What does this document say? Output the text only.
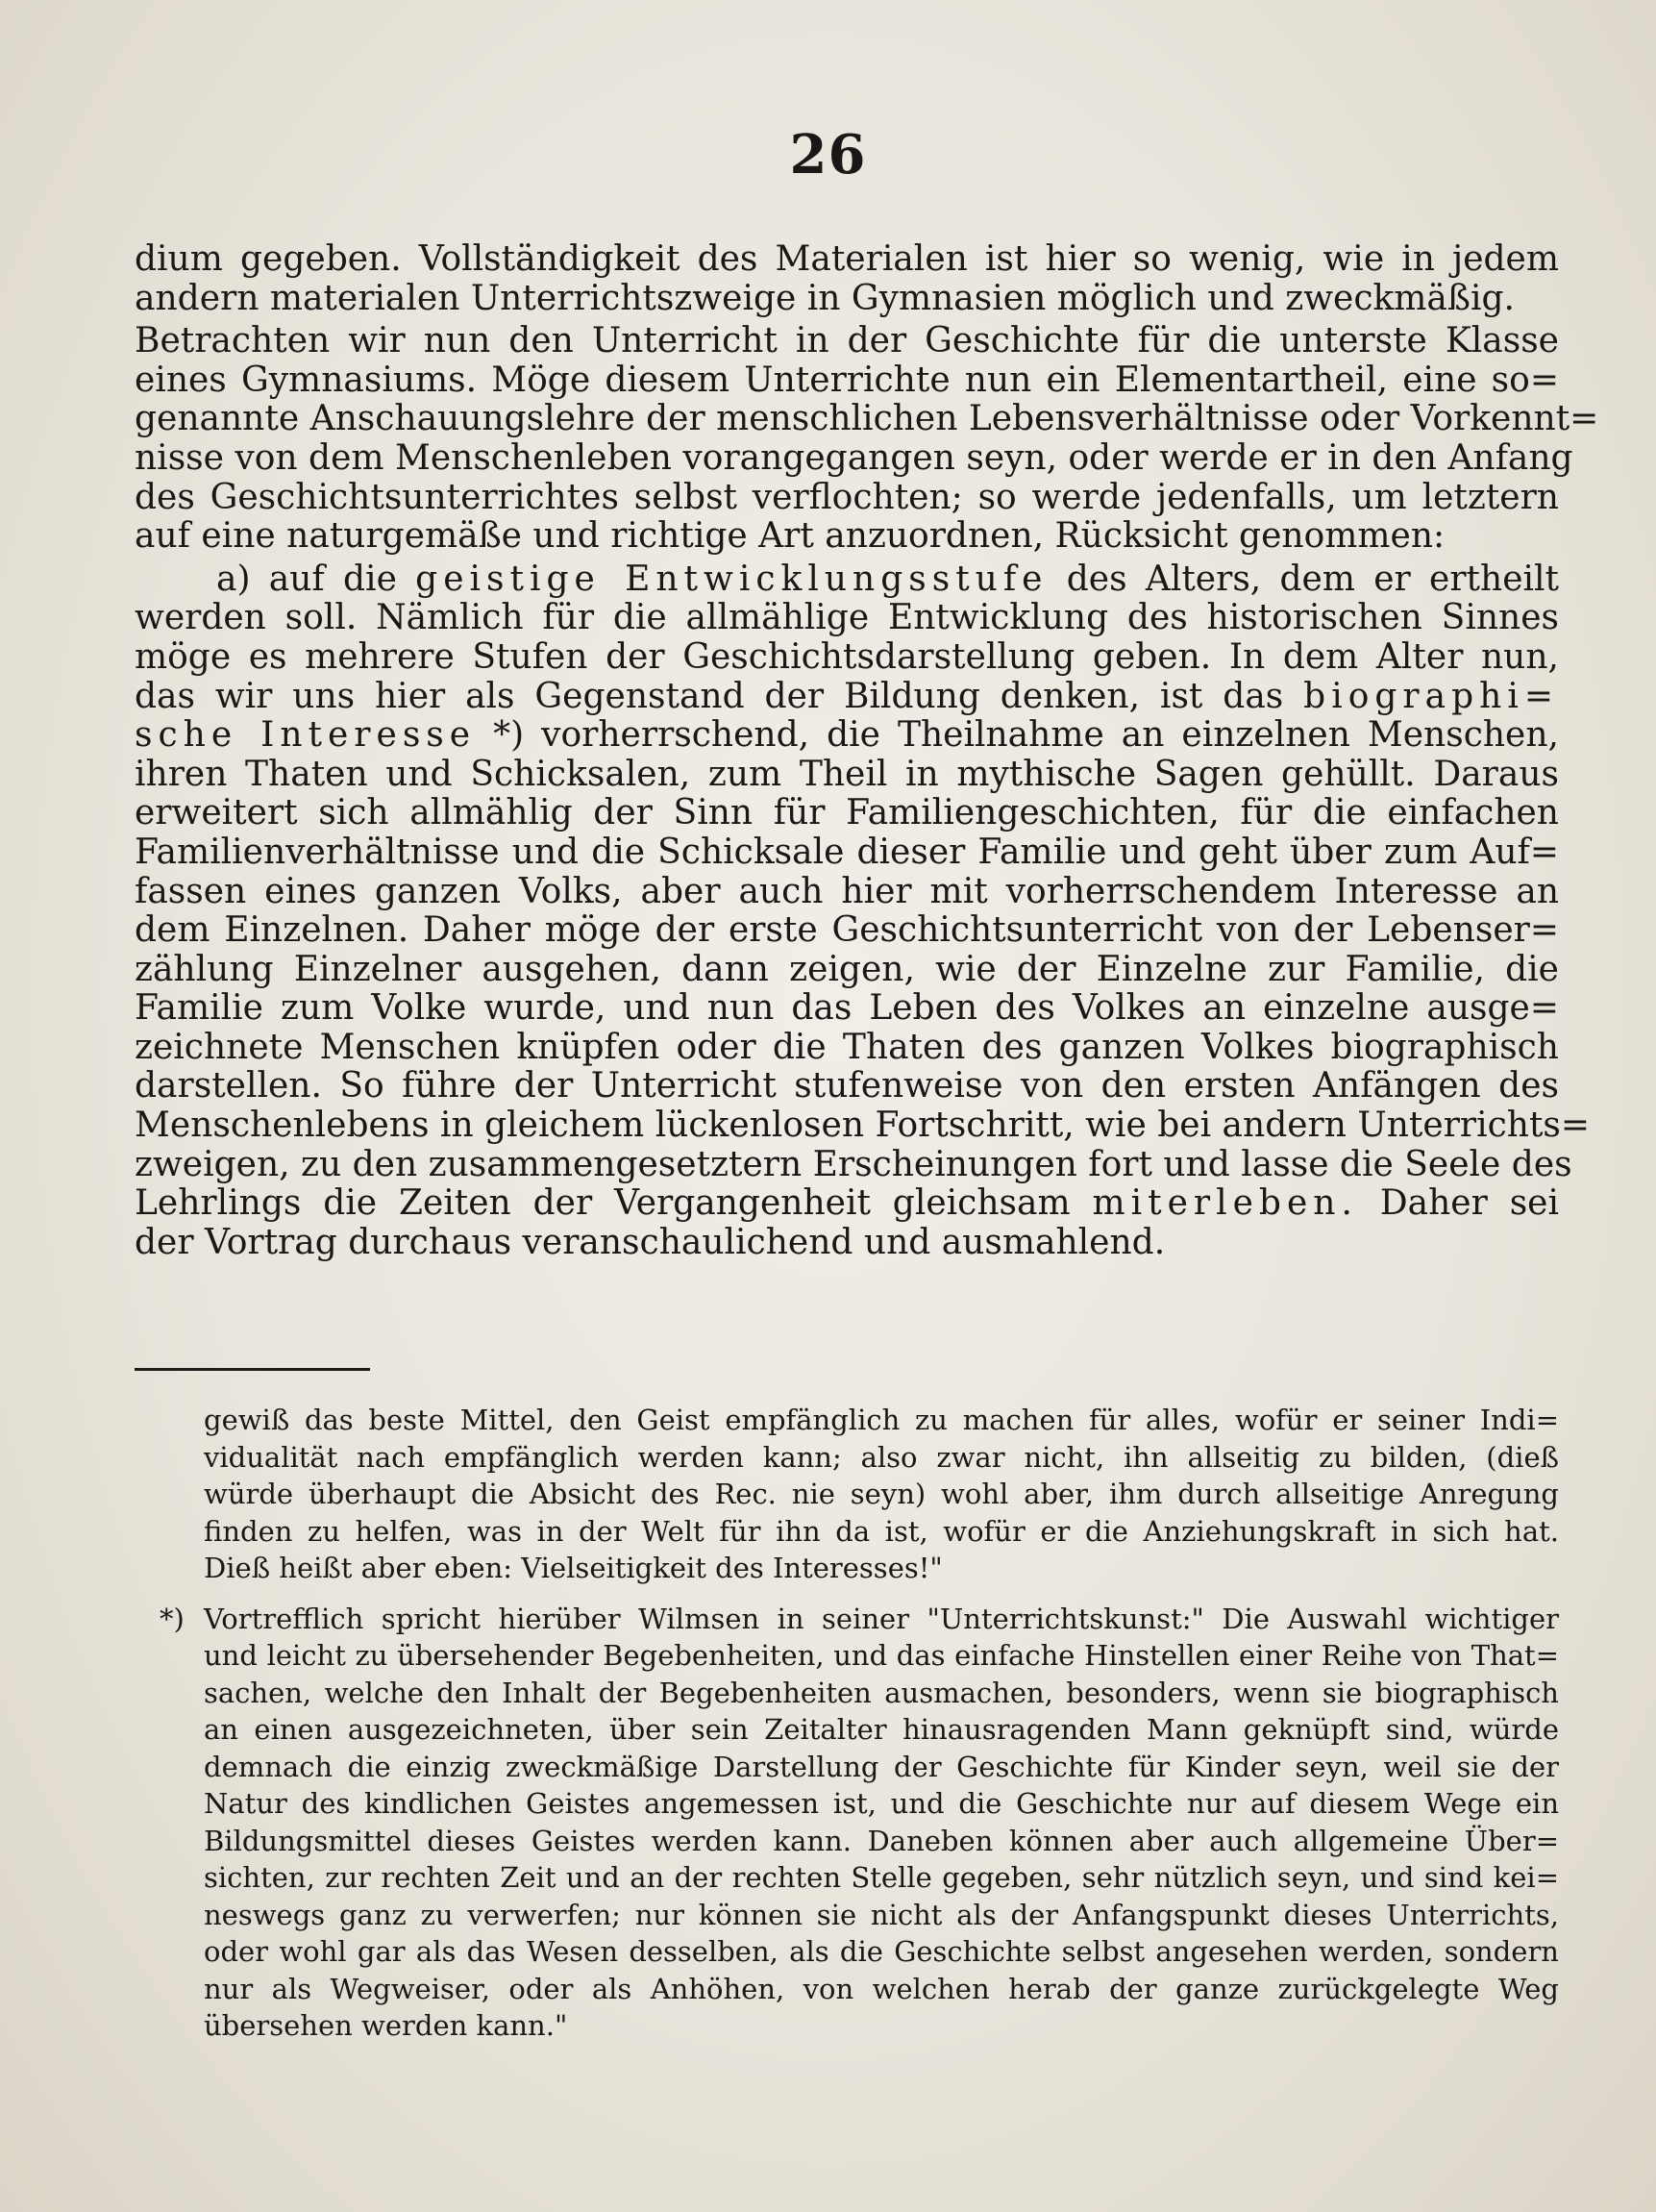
26
dium gegeben. Vollständigkeit des Materialen ist hier so wenig, wie in jedem
andern materialen Unterrichtszweige in Gymnasien möglich und zweckmäßig.
Betrachten wir nun den Unterricht in der Geschichte für die unterste Klasse
eines Gymnasiums. Möge diesem Unterrichte nun ein Elementartheil, eine so=
genannte Anschauungslehre der menschlichen Lebensverhältnisse oder Vorkennt=
nisse von dem Menschenleben vorangegangen seyn, oder werde er in den Anfang
des Geschichtsunterrichtes selbst verflochten; so werde jedenfalls, um letztern
auf eine naturgemäße und richtige Art anzuordnen, Rücksicht genommen:
a) auf die geistige Entwicklungsstufe des Alters, dem er ertheilt
werden soll. Nämlich für die allmählige Entwicklung des historischen Sinnes
möge es mehrere Stufen der Geschichtsdarstellung geben. In dem Alter nun,
das wir uns hier als Gegenstand der Bildung denken, ist das biographi=
sche Interesse *) vorherrschend, die Theilnahme an einzelnen Menschen,
ihren Thaten und Schicksalen, zum Theil in mythische Sagen gehüllt. Daraus
erweitert sich allmählig der Sinn für Familiengeschichten, für die einfachen
Familienverhältnisse und die Schicksale dieser Familie und geht über zum Auf=
fassen eines ganzen Volks, aber auch hier mit vorherrschendem Interesse an
dem Einzelnen. Daher möge der erste Geschichtsunterricht von der Lebenser=
zählung Einzelner ausgehen, dann zeigen, wie der Einzelne zur Familie, die
Familie zum Volke wurde, und nun das Leben des Volkes an einzelne ausge=
zeichnete Menschen knüpfen oder die Thaten des ganzen Volkes biographisch
darstellen. So führe der Unterricht stufenweise von den ersten Anfängen des
Menschenlebens in gleichem lückenlosen Fortschritt, wie bei andern Unterrichts=
zweigen, zu den zusammengesetztern Erscheinungen fort und lasse die Seele des
Lehrlings die Zeiten der Vergangenheit gleichsam miterleben. Daher sei
der Vortrag durchaus veranschaulichend und ausmahlend.
gewiß das beste Mittel, den Geist empfänglich zu machen für alles, wofür er seiner Indi=
vidualität nach empfänglich werden kann; also zwar nicht, ihn allseitig zu bilden, (dieß
würde überhaupt die Absicht des Rec. nie seyn) wohl aber, ihm durch allseitige Anregung
finden zu helfen, was in der Welt für ihn da ist, wofür er die Anziehungskraft in sich hat.
Dieß heißt aber eben: Vielseitigkeit des Interesses!"
*) Vortrefflich spricht hierüber Wilmsen in seiner "Unterrichtskunst:" Die Auswahl wichtiger
und leicht zu übersehender Begebenheiten, und das einfache Hinstellen einer Reihe von That=
sachen, welche den Inhalt der Begebenheiten ausmachen, besonders, wenn sie biographisch
an einen ausgezeichneten, über sein Zeitalter hinausragenden Mann geknüpft sind, würde
demnach die einzig zweckmäßige Darstellung der Geschichte für Kinder seyn, weil sie der
Natur des kindlichen Geistes angemessen ist, und die Geschichte nur auf diesem Wege ein
Bildungsmittel dieses Geistes werden kann. Daneben können aber auch allgemeine Über=
sichten, zur rechten Zeit und an der rechten Stelle gegeben, sehr nützlich seyn, und sind kei=
neswegs ganz zu verwerfen; nur können sie nicht als der Anfangspunkt dieses Unterrichts,
oder wohl gar als das Wesen desselben, als die Geschichte selbst angesehen werden, sondern
nur als Wegweiser, oder als Anhöhen, von welchen herab der ganze zurückgelegte Weg
übersehen werden kann."
